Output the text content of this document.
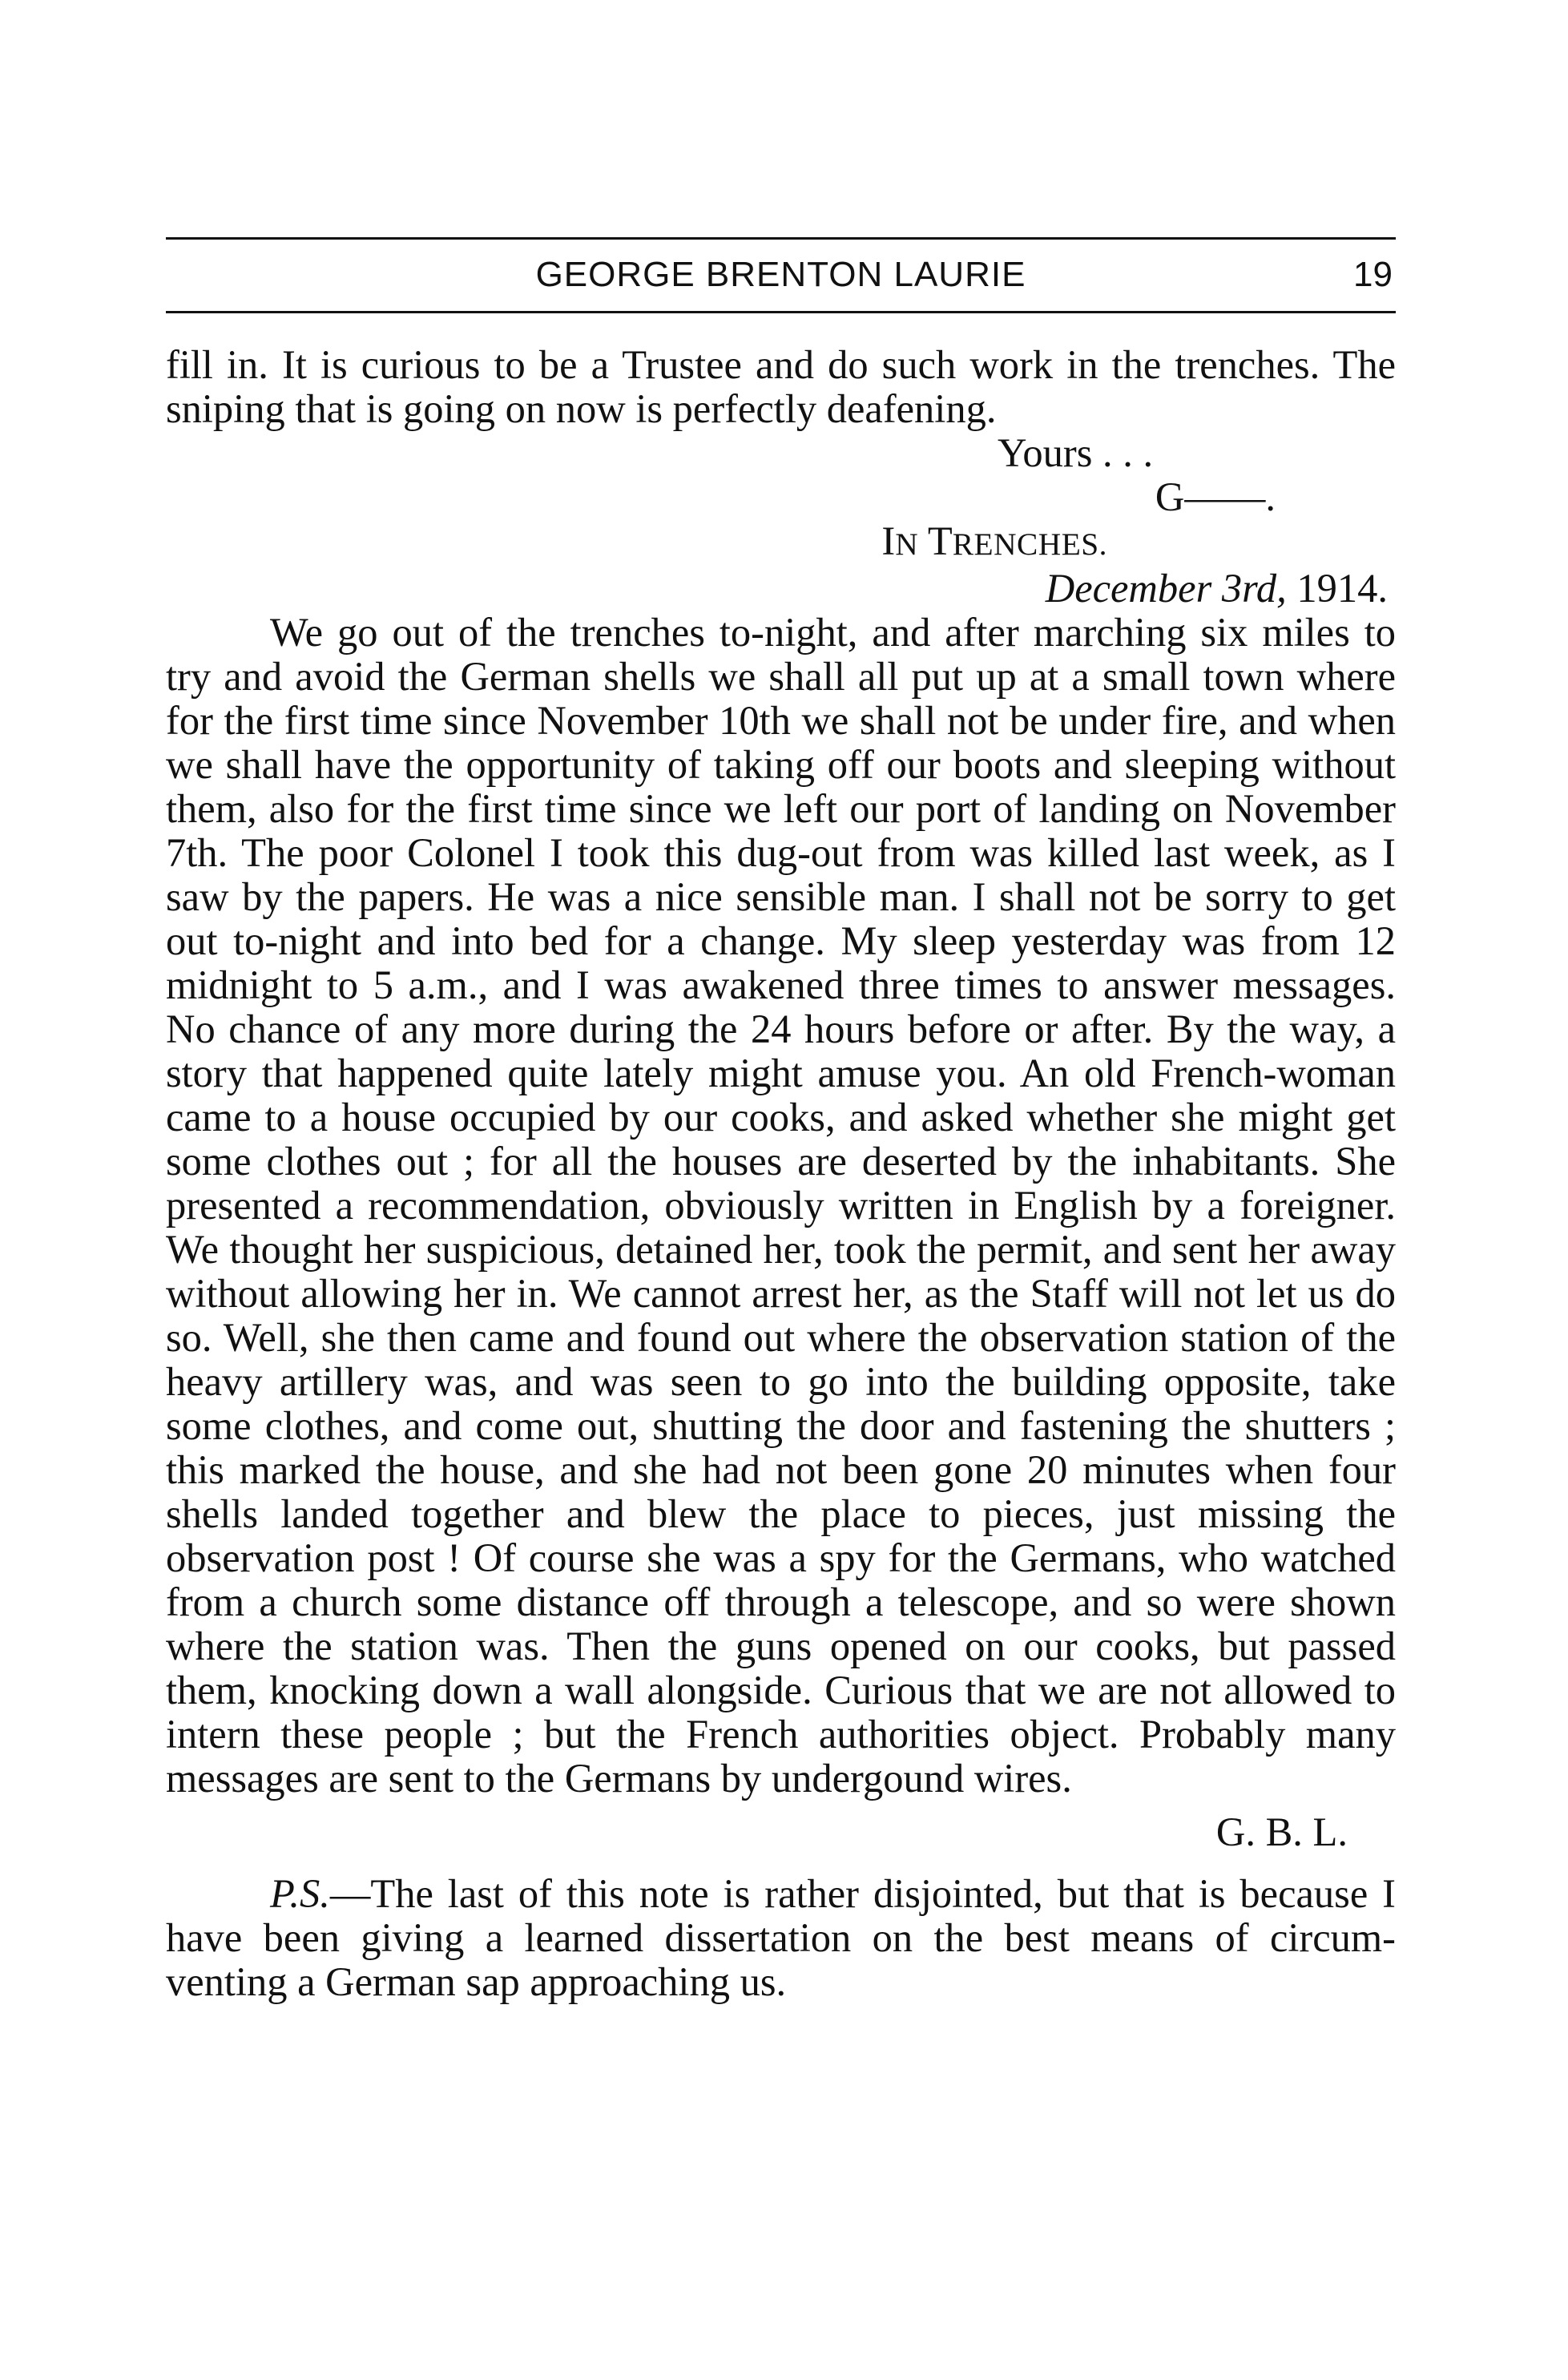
GEORGE BRENTON LAURIE	19

fill in. It is curious to be a Trustee and do such work in the trenches. The sniping that is going on now is perfectly deafening.

Yours . . .

G——.

IN TRENCHES.

December 3rd, 1914.

We go out of the trenches to-night, and after marching six miles to try and avoid the German shells we shall all put up at a small town where for the first time since November 10th we shall not be under fire, and when we shall have the opportunity of taking off our boots and sleeping without them, also for the first time since we left our port of landing on November 7th. The poor Colonel I took this dug-out from was killed last week, as I saw by the papers. He was a nice sensible man. I shall not be sorry to get out to-night and into bed for a change. My sleep yesterday was from 12 midnight to 5 a.m., and I was awakened three times to answer messages. No chance of any more during the 24 hours before or after. By the way, a story that happened quite lately might amuse you. An old French-woman came to a house occupied by our cooks, and asked whether she might get some clothes out ; for all the houses are deserted by the inhabitants. She presented a recommendation, obviously written in English by a foreigner. We thought her suspicious, detained her, took the permit, and sent her away without allowing her in. We cannot arrest her, as the Staff will not let us do so. Well, she then came and found out where the observation station of the heavy artillery was, and was seen to go into the building opposite, take some clothes, and come out, shutting the door and fastening the shutters ; this marked the house, and she had not been gone 20 minutes when four shells landed together and blew the place to pieces, just missing the observation post ! Of course she was a spy for the Germans, who watched from a church some distance off through a telescope, and so were shown where the station was. Then the guns opened on our cooks, but passed them, knocking down a wall alongside. Curious that we are not allowed to intern these people ; but the French authorities object. Probably many messages are sent to the Germans by undergound wires.

G. B. L.

P.S.—The last of this note is rather disjointed, but that is because I have been giving a learned dissertation on the best means of circum-venting a German sap approaching us.
